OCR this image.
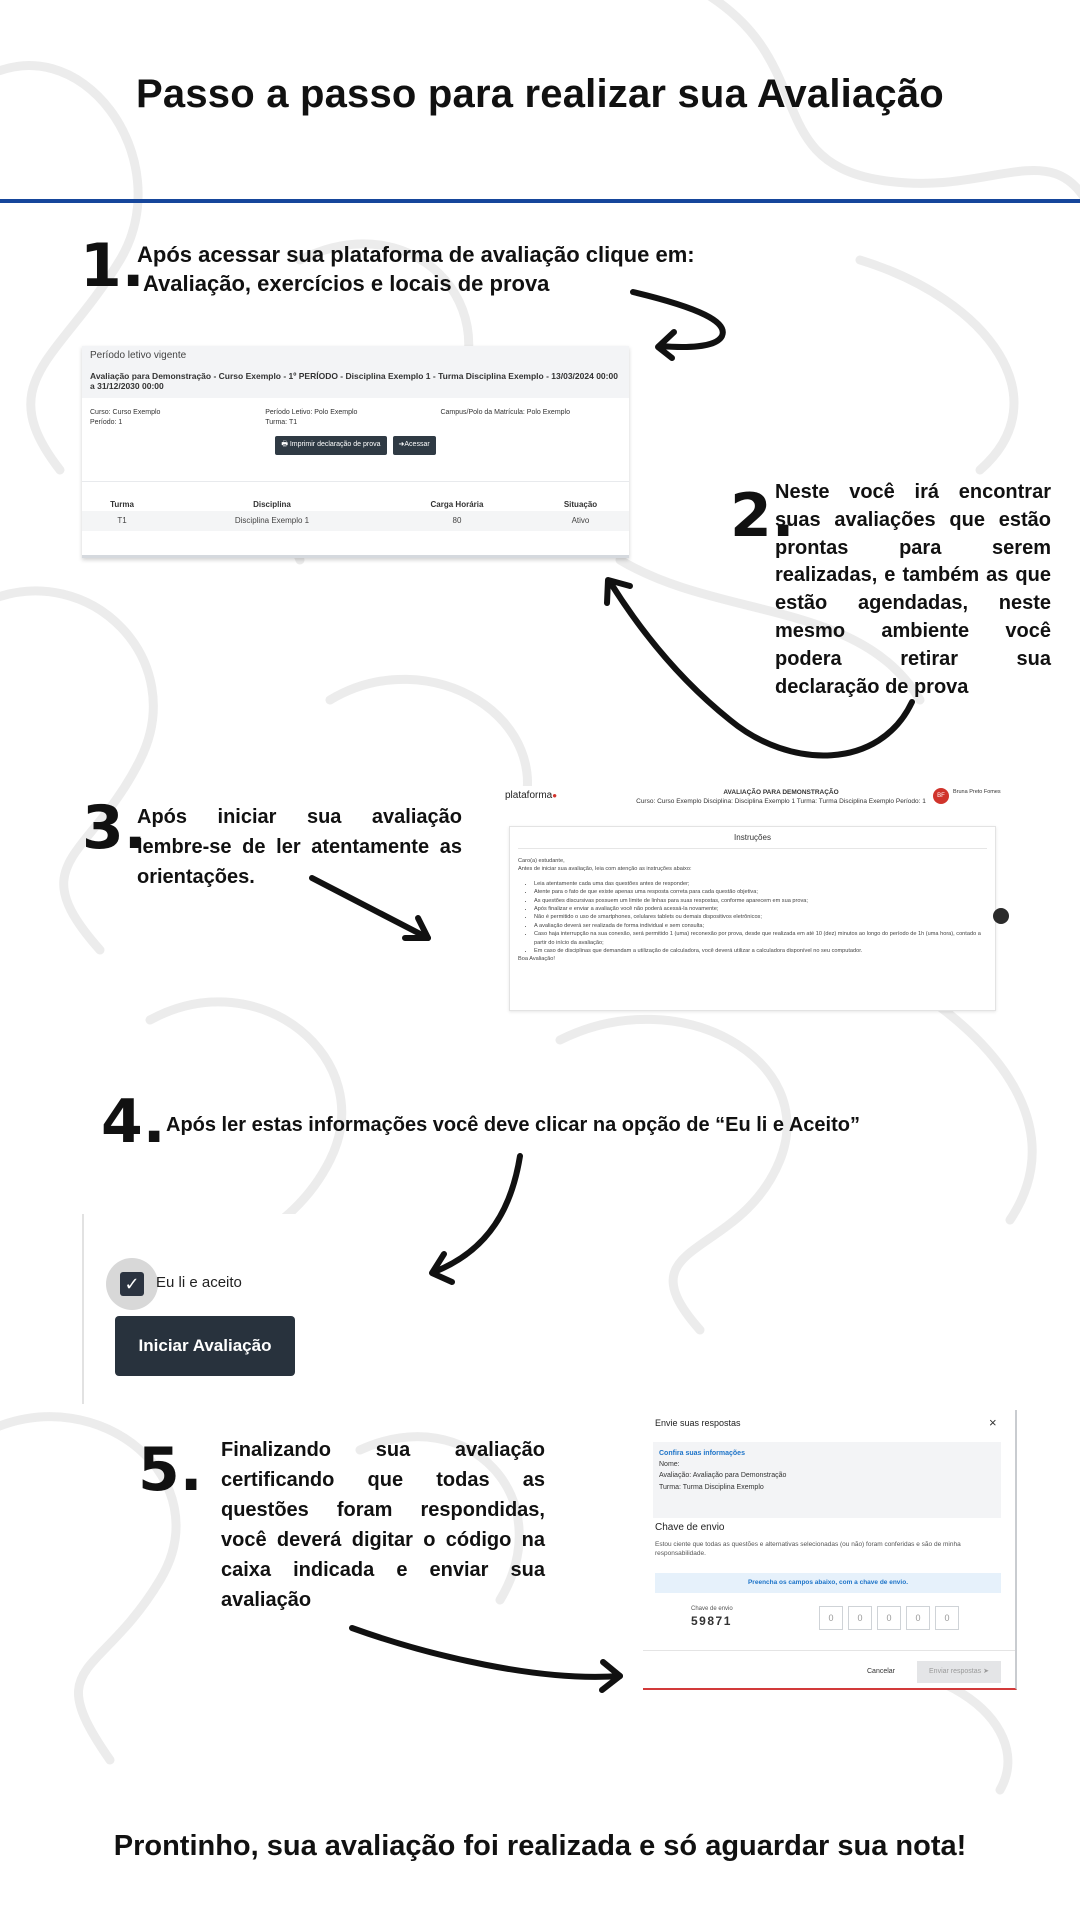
Passo a passo para realizar sua Avaliação
1.
Após acessar sua plataforma de avaliação clique em:
Avaliação, exercícios e locais de prova
Período letivo vigente
Avaliação para Demonstração - Curso Exemplo - 1º PERÍODO - Disciplina Exemplo 1 - Turma Disciplina Exemplo - 13/03/2024 00:00 a 31/12/2030 00:00
Curso: Curso Exemplo
Período: 1
Período Letivo: Polo Exemplo
Turma: T1
Campus/Polo da Matrícula: Polo Exemplo
🖶 Imprimir declaração de prova	➜Acessar
Turma	Disciplina	Carga Horária	Situação
T1	Disciplina Exemplo 1	80	Ativo	2.
Neste você irá encontrar suas avaliações que estão prontas para serem realizadas, e também as que estão agendadas, neste mesmo ambiente você podera retirar sua declaração de prova
3.
Após iniciar sua avaliação lembre-se de ler atentamente as orientações.
plataforma●	AVALIAÇÃO PARA DEMONSTRAÇÃO
Curso: Curso Exemplo Disciplina: Disciplina Exemplo 1 Turma: Turma Disciplina Exemplo Período: 1
BF
Bruna Preto Fomes
Instruções
Caro(a) estudante,
Antes de iniciar sua avaliação, leia com atenção as instruções abaixo:
• Leia atentamente cada uma das questões antes de responder;
• Atente para o fato de que existe apenas uma resposta correta para cada questão objetiva;
• As questões discursivas possuem um limite de linhas para suas respostas, conforme aparecem em sua prova;
• Após finalizar e enviar a avaliação você não poderá acessá-la novamente;
• Não é permitido o uso de smartphones, celulares tablets ou demais dispositivos eletrônicos;
• A avaliação deverá ser realizada de forma individual e sem consulta;
• Caso haja interrupção na sua conexão, será permitido 1 (uma) reconexão por prova, desde que realizada em até 10 (dez) minutos ao longo do período de 1h (uma hora), contado a partir do início da avaliação;
• Em caso de disciplinas que demandam a utilização de calculadora, você deverá utilizar a calculadora disponível no seu computador.
Boa Avaliação!
4. Após ler estas informações você deve clicar na opção de “Eu li e Aceito”
✓ Eu li e aceito
Iniciar Avaliação
5. Finalizando sua avaliação certificando que todas as questões foram respondidas, você deverá digitar o código na caixa indicada e enviar sua avaliação
Envie suas respostas	×
Confira suas informações
Nome:
Avaliação: Avaliação para Demonstração
Turma: Turma Disciplina Exemplo
Chave de envio
Estou ciente que todas as questões e alternativas selecionadas (ou não) foram conferidas e são de minha responsabilidade.
Preencha os campos abaixo, com a chave de envio.
Chave de envio
59871	0	0	0	0	0
Cancelar	Enviar respostas ➤
Prontinho, sua avaliação foi realizada e só aguardar sua nota!
